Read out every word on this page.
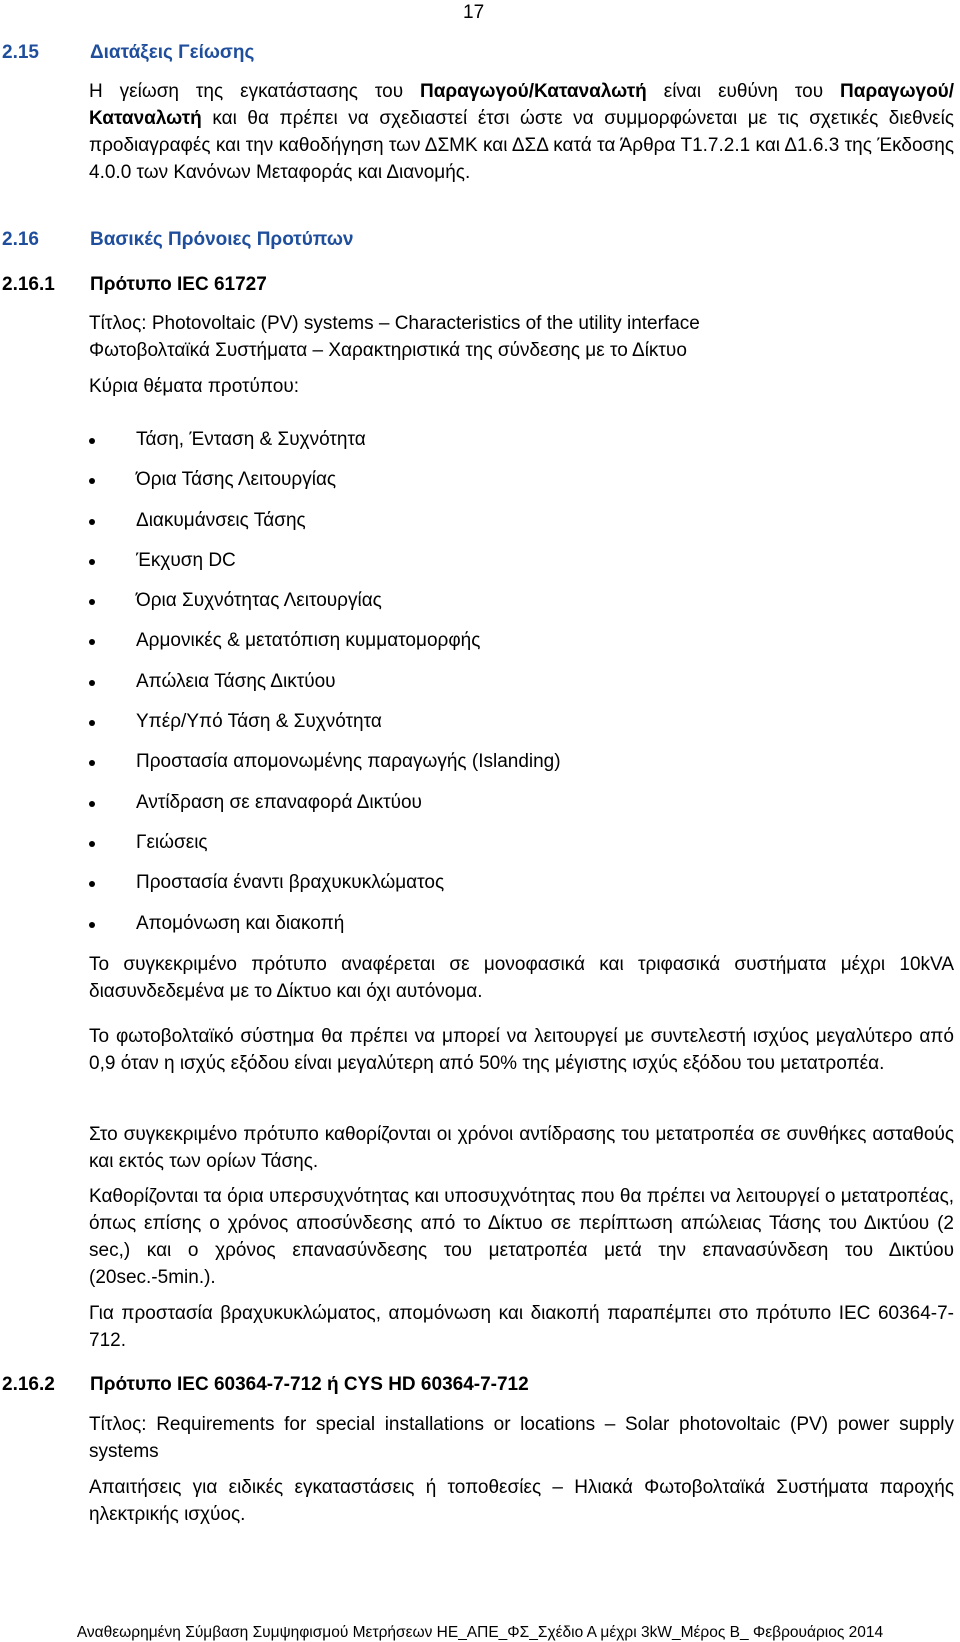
17
2.15	Διατάξεις Γείωσης

Η γείωση της εγκατάστασης του Παραγωγού/Καταναλωτή είναι ευθύνη του Παραγωγού/Καταναλωτή και θα πρέπει να σχεδιαστεί έτσι ώστε να συμμορφώνεται με τις σχετικές διεθνείς προδιαγραφές και την καθοδήγηση των ΔΣΜΚ και ΔΣΔ κατά τα Άρθρα Τ1.7.2.1 και Δ1.6.3 της Έκδοσης 4.0.0 των Κανόνων Μεταφοράς και Διανομής.

2.16	Βασικές Πρόνοιες Προτύπων
2.16.1 Πρότυπο IEC 61727

Τίτλος: Photovoltaic (PV) systems – Characteristics of the utility interface

Φωτοβολταϊκά Συστήματα – Χαρακτηριστικά της σύνδεσης με το Δίκτυο

Κύρια θέματα προτύπου:

Τάση, Ένταση & Συχνότητα
Όρια Τάσης Λειτουργίας
Διακυμάνσεις Τάσης
Έκχυση DC
Όρια Συχνότητας Λειτουργίας
Αρμονικές & μετατόπιση κυμματομορφής
Απώλεια Τάσης Δικτύου
Υπέρ/Υπό Τάση & Συχνότητα
Προστασία απομονωμένης παραγωγής (Islanding)
Αντίδραση σε επαναφορά Δικτύου
Γειώσεις
Προστασία έναντι βραχυκυκλώματος
Απομόνωση και διακοπή

Το συγκεκριμένο πρότυπο αναφέρεται σε μονοφασικά και τριφασικά συστήματα μέχρι 10kVA διασυνδεδεμένα με το Δίκτυο και όχι αυτόνομα.

Το φωτοβολταϊκό σύστημα θα πρέπει να μπορεί να λειτουργεί με συντελεστή ισχύος μεγαλύτερο από 0,9 όταν η ισχύς εξόδου είναι μεγαλύτερη από 50% της μέγιστης ισχύς εξόδου του μετατροπέα.

Στο συγκεκριμένο πρότυπο καθορίζονται οι χρόνοι αντίδρασης του μετατροπέα σε συνθήκες ασταθούς και εκτός των ορίων Τάσης.

Καθορίζονται τα όρια υπερσυχνότητας και υποσυχνότητας που θα πρέπει να λειτουργεί ο μετατροπέας, όπως επίσης ο χρόνος αποσύνδεσης από το Δίκτυο σε περίπτωση απώλειας Τάσης του Δικτύου (2 sec,) και ο χρόνος επανασύνδεσης του μετατροπέα μετά την επανασύνδεση του Δικτύου (20sec.-5min.).

Για προστασία βραχυκυκλώματος, απομόνωση και διακοπή παραπέμπει στο πρότυπο IEC 60364-7-712.

2.16.2 Πρότυπο IEC 60364-7-712 ή CYS HD 60364-7-712

Τίτλος: Requirements for special installations or locations – Solar photovoltaic (PV) power supply systems

Απαιτήσεις για ειδικές εγκαταστάσεις ή τοποθεσίες – Ηλιακά Φωτοβολταϊκά Συστήματα παροχής ηλεκτρικής ισχύος.

Αναθεωρημένη Σύμβαση Συμψηφισμού Μετρήσεων ΗΕ_ΑΠΕ_ΦΣ_Σχέδιο Α μέχρι 3kW_Μέρος Β_ Φεβρουάριος 2014
